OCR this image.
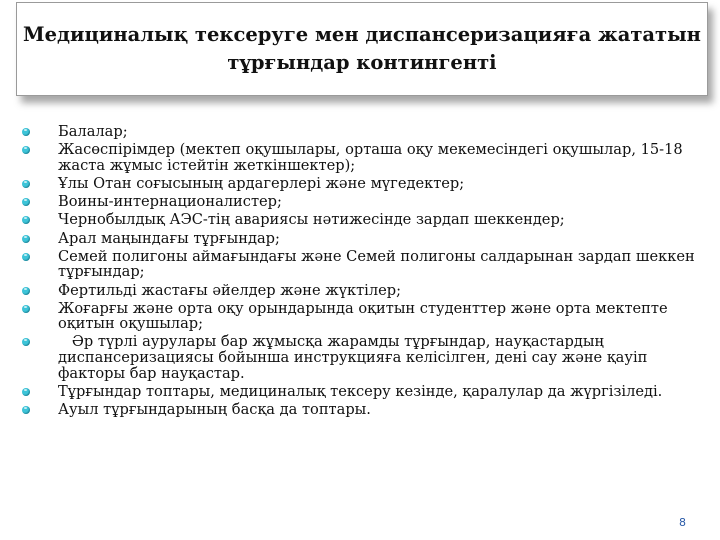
Медициналық тексеруге мен диспансеризацияға жататын
тұрғындар контингенті
Балалар;
Жасөспірімдер (мектеп оқушылары, орташа оқу мекемесіндегі оқушылар, 15-18 жаста жұмыс істейтін жеткіншектер);
Ұлы Отан соғысының ардагерлері және мүгедектер;
Воины-интернационалистер;
Чернобылдық АЭС-тің авариясы нәтижесінде зардап шеккендер;
Арал маңындағы тұрғындар;
Семей полигоны аймағындағы және Семей полигоны салдарынан зардап шеккен тұрғындар;
Фертильді жастағы әйелдер және жүктілер;
Жоғарғы және орта оқу орындарында оқитын студенттер және орта мектепте оқитын оқушылар;
Әр түрлі аурулары бар жұмысқа жарамды тұрғындар, науқастардың диспансеризациясы бойынша инструкцияға келісілген, дені сау және қауіп факторы бар науқастар.
Тұрғындар топтары, медициналық тексеру кезінде, қаралулар да жүргізіледі.
Ауыл тұрғындарының басқа да топтары.
8
